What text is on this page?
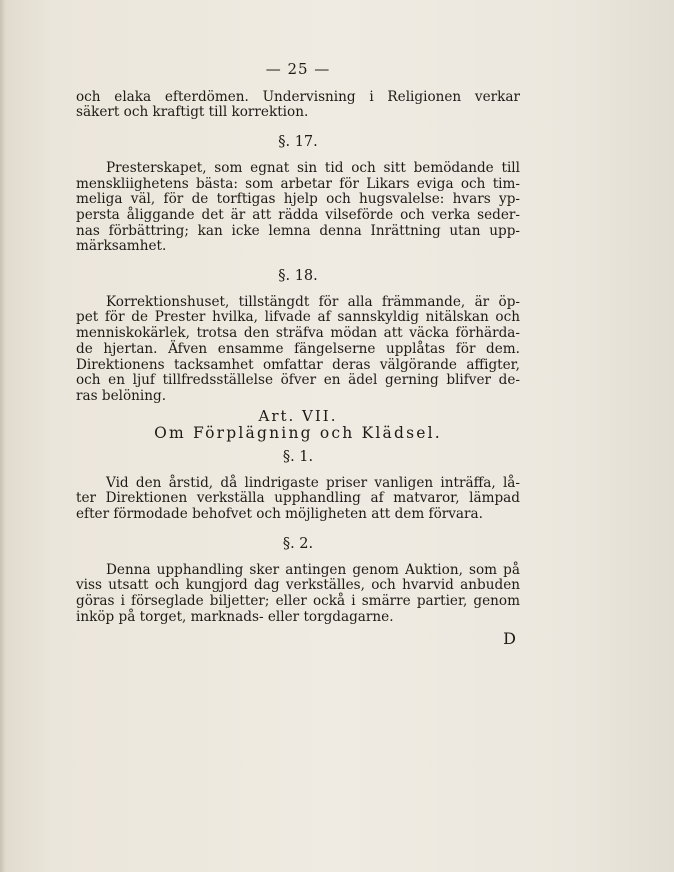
— 25 —
och elaka efterdömen. Undervisning i Religionen verkar
säkert och kraftigt till korrektion.
§. 17.
Presterskapet, som egnat sin tid och sitt bemödande till
menskliighetens bästa: som arbetar för Likars eviga och tim-
meliga väl, för de torftigas hjelp och hugsvalelse: hvars yp-
persta åliggande det är att rädda vilseförde och verka seder-
nas förbättring; kan icke lemna denna Inrättning utan upp-
märksamhet.
§. 18.
Korrektionshuset, tillstängdt för alla främmande, är öp-
pet för de Prester hvilka, lifvade af sannskyldig nitälskan och
menniskokärlek, trotsa den sträfva mödan att väcka förhärda-
de hjertan. Äfven ensamme fängelserne upplåtas för dem.
Direktionens tacksamhet omfattar deras välgörande affigter,
och en ljuf tillfredsställelse öfver en ädel gerning blifver de-
ras belöning.
Art. VII.
Om Förplägning och Klädsel.
§. 1.
Vid den årstid, då lindrigaste priser vanligen inträffa, lå-
ter Direktionen verkställa upphandling af matvaror, lämpad
efter förmodade behofvet och möjligheten att dem förvara.
§. 2.
Denna upphandling sker antingen genom Auktion, som på
viss utsatt och kungjord dag verkställes, och hvarvid anbuden
göras i förseglade biljetter; eller ockå i smärre partier, genom
inköp på torget, marknads- eller torgdagarne.
D
